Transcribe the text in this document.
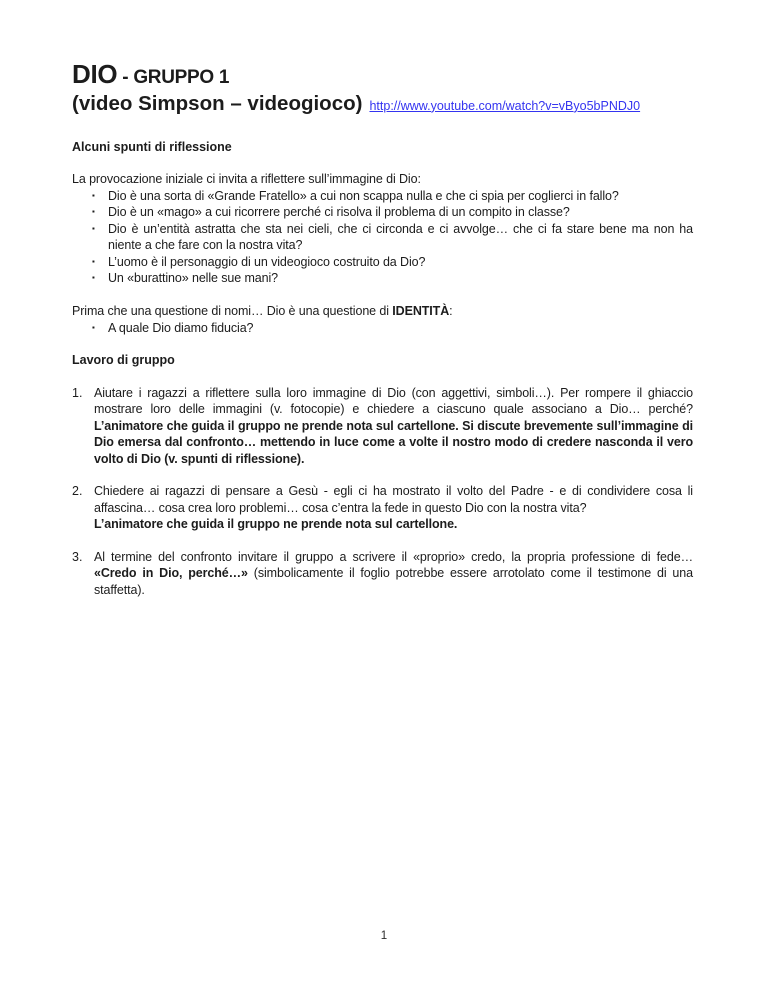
DIO - GRUPPO 1
(video Simpson – videogioco) http://www.youtube.com/watch?v=vByo5bPNDJ0
Alcuni spunti di riflessione
La provocazione iniziale ci invita a riflettere sull’immagine di Dio:
▪	Dio è una sorta di «Grande Fratello» a cui non scappa nulla e che ci spia per coglierci in fallo?
▪	Dio è un «mago» a cui ricorrere perché ci risolva il problema di un compito in classe?
▪	Dio è un’entità astratta che sta nei cieli, che ci circonda e ci avvolge… che ci fa stare bene ma non ha niente a che fare con la nostra vita?
▪	L’uomo è il personaggio di un videogioco costruito da Dio?
▪	Un «burattino» nelle sue mani?
Prima che una questione di nomi… Dio è una questione di IDENTITÀ:
▪	A quale Dio diamo fiducia?
Lavoro di gruppo
1. Aiutare i ragazzi a riflettere sulla loro immagine di Dio (con aggettivi, simboli…). Per rompere il ghiaccio mostrare loro delle immagini (v. fotocopie) e chiedere a ciascuno quale associano a Dio… perché? L’animatore che guida il gruppo ne prende nota sul cartellone. Si discute brevemente sull’immagine di Dio emersa dal confronto… mettendo in luce come a volte il nostro modo di credere nasconda il vero volto di Dio (v. spunti di riflessione).
2. Chiedere ai ragazzi di pensare a Gesù - egli ci ha mostrato il volto del Padre - e di condividere cosa li affascina… cosa crea loro problemi… cosa c’entra la fede in questo Dio con la nostra vita?
L’animatore che guida il gruppo ne prende nota sul cartellone.
3. Al termine del confronto invitare il gruppo a scrivere il «proprio» credo, la propria professione di fede… «Credo in Dio, perché…» (simbolicamente il foglio potrebbe essere arrotolato come il testimone di una staffetta).
1
